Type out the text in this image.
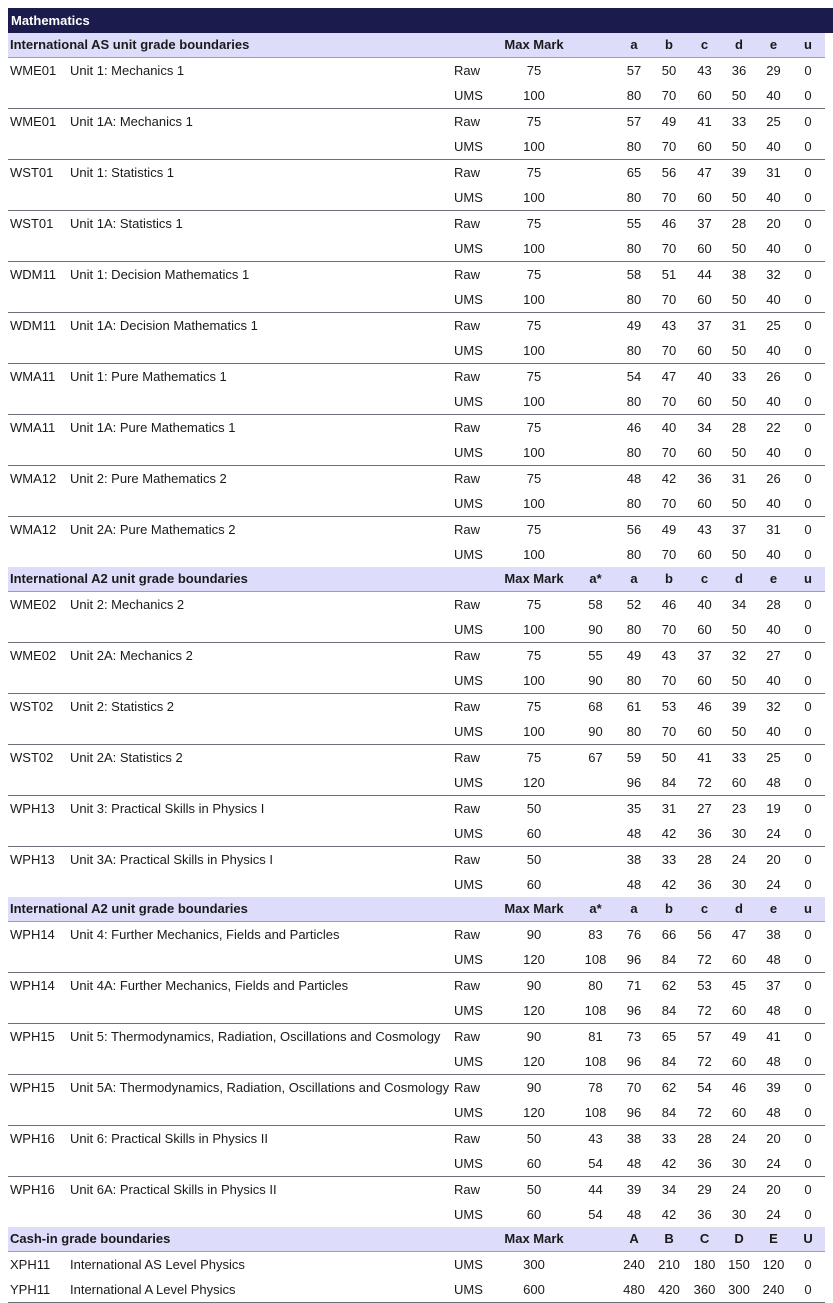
Mathematics
International AS unit grade boundaries			Max Mark		a	b	c	d	e	u
WME01	Unit 1: Mechanics 1	Raw	75		57	50	43	36	29	0
		UMS	100		80	70	60	50	40	0
WME01	Unit 1A: Mechanics 1	Raw	75		57	49	41	33	25	0
		UMS	100		80	70	60	50	40	0
WST01	Unit 1: Statistics 1	Raw	75		65	56	47	39	31	0
		UMS	100		80	70	60	50	40	0
WST01	Unit 1A: Statistics 1	Raw	75		55	46	37	28	20	0
		UMS	100		80	70	60	50	40	0
WDM11	Unit 1: Decision Mathematics 1	Raw	75		58	51	44	38	32	0
		UMS	100		80	70	60	50	40	0
WDM11	Unit 1A: Decision Mathematics 1	Raw	75		49	43	37	31	25	0
		UMS	100		80	70	60	50	40	0
WMA11	Unit 1: Pure Mathematics 1	Raw	75		54	47	40	33	26	0
		UMS	100		80	70	60	50	40	0
WMA11	Unit 1A: Pure Mathematics 1	Raw	75		46	40	34	28	22	0
		UMS	100		80	70	60	50	40	0
WMA12	Unit 2: Pure Mathematics 2	Raw	75		48	42	36	31	26	0
		UMS	100		80	70	60	50	40	0
WMA12	Unit 2A: Pure Mathematics 2	Raw	75		56	49	43	37	31	0
		UMS	100		80	70	60	50	40	0
International A2 unit grade boundaries			Max Mark	a*	a	b	c	d	e	u
WME02	Unit 2: Mechanics 2	Raw	75	58	52	46	40	34	28	0
		UMS	100	90	80	70	60	50	40	0
WME02	Unit 2A: Mechanics 2	Raw	75	55	49	43	37	32	27	0
		UMS	100	90	80	70	60	50	40	0
WST02	Unit 2: Statistics 2	Raw	75	68	61	53	46	39	32	0
		UMS	100	90	80	70	60	50	40	0
WST02	Unit 2A: Statistics 2	Raw	75	67	59	50	41	33	25	0
		UMS	120		96	84	72	60	48	0
WPH13	Unit 3: Practical Skills in Physics I	Raw	50		35	31	27	23	19	0
		UMS	60		48	42	36	30	24	0
WPH13	Unit 3A: Practical Skills in Physics I	Raw	50		38	33	28	24	20	0
		UMS	60		48	42	36	30	24	0
International A2 unit grade boundaries			Max Mark	a*	a	b	c	d	e	u
WPH14	Unit 4: Further Mechanics, Fields and Particles	Raw	90	83	76	66	56	47	38	0
		UMS	120	108	96	84	72	60	48	0
WPH14	Unit 4A: Further Mechanics, Fields and Particles	Raw	90	80	71	62	53	45	37	0
		UMS	120	108	96	84	72	60	48	0
WPH15	Unit 5: Thermodynamics, Radiation, Oscillations and Cosmology	Raw	90	81	73	65	57	49	41	0
		UMS	120	108	96	84	72	60	48	0
WPH15	Unit 5A: Thermodynamics, Radiation, Oscillations and Cosmology	Raw	90	78	70	62	54	46	39	0
		UMS	120	108	96	84	72	60	48	0
WPH16	Unit 6: Practical Skills in Physics II	Raw	50	43	38	33	28	24	20	0
		UMS	60	54	48	42	36	30	24	0
WPH16	Unit 6A: Practical Skills in Physics II	Raw	50	44	39	34	29	24	20	0
		UMS	60	54	48	42	36	30	24	0
Cash-in grade boundaries			Max Mark		A	B	C	D	E	U
XPH11	International AS Level Physics	UMS	300		240	210	180	150	120	0
YPH11	International A Level Physics	UMS	600		480	420	360	300	240	0
